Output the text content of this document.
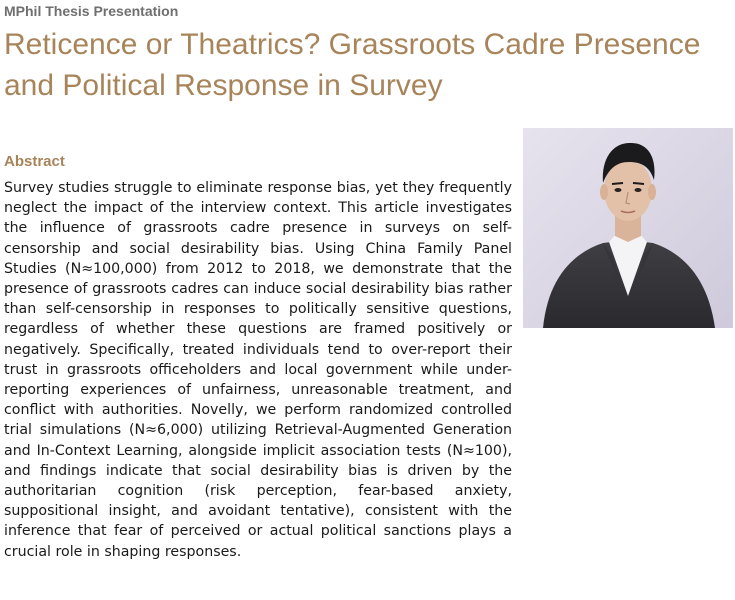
MPhil Thesis Presentation
Reticence or Theatrics? Grassroots Cadre Presence and Political Response in Survey
Abstract

Survey studies struggle to eliminate response bias, yet they frequently neglect the impact of the interview context. This article investigates the influence of grassroots cadre presence in surveys on self-censorship and social desirability bias. Using China Family Panel Studies (N≈100,000) from 2012 to 2018, we demonstrate that the presence of grassroots cadres can induce social desirability bias rather than self-censorship in responses to politically sensitive questions, regardless of whether these questions are framed positively or negatively. Specifically, treated individuals tend to over-report their trust in grassroots officeholders and local government while under-reporting experiences of unfairness, unreasonable treatment, and conflict with authorities. Novelly, we perform randomized controlled trial simulations (N≈6,000) utilizing Retrieval-Augmented Generation and In-Context Learning, alongside implicit association tests (N≈100), and findings indicate that social desirability bias is driven by the authoritarian cognition (risk perception, fear-based anxiety, suppositional insight, and avoidant tentative), consistent with the inference that fear of perceived or actual political sanctions plays a crucial role in shaping responses.
